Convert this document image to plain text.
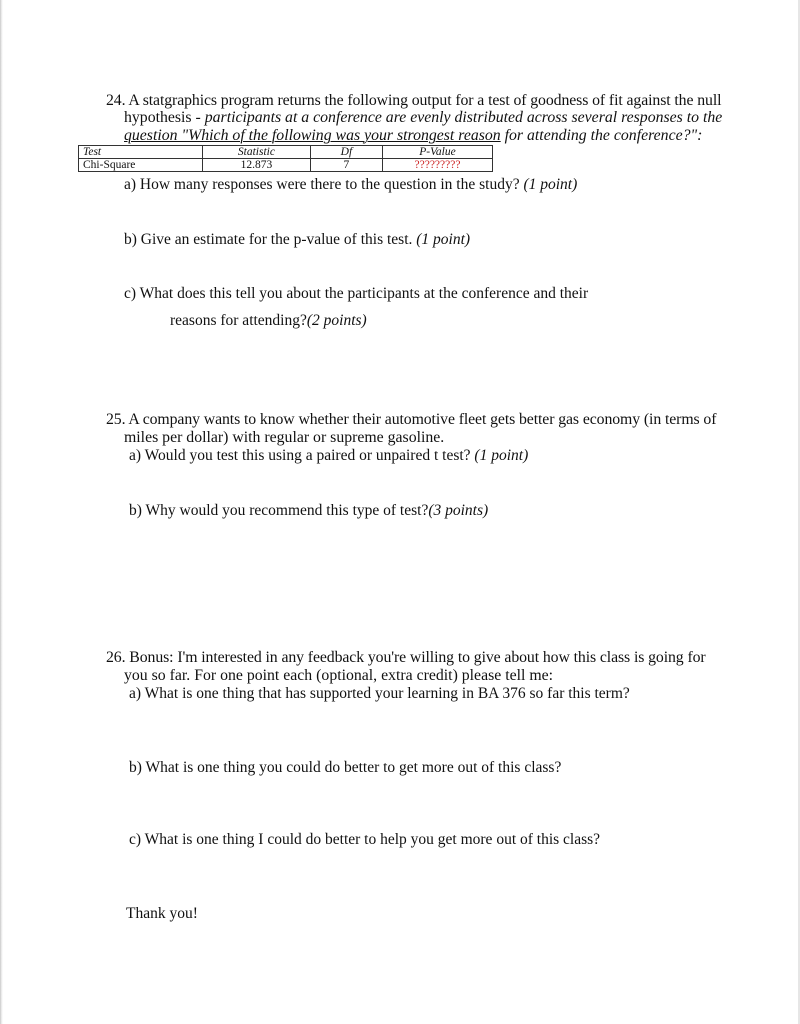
24. A statgraphics program returns the following output for a test of goodness of fit against the null
hypothesis - participants at a conference are evenly distributed across several responses to the
question "Which of the following was your strongest reason for attending the conference?":
Test	Statistic	Df	P-Value
Chi-Square	12.873	7	?????????
a) How many responses were there to the question in the study? (1 point)
b) Give an estimate for the p-value of this test. (1 point)
c) What does this tell you about the participants at the conference and their
reasons for attending?(2 points)
25. A company wants to know whether their automotive fleet gets better gas economy (in terms of
miles per dollar) with regular or supreme gasoline.
a) Would you test this using a paired or unpaired t test? (1 point)
b) Why would you recommend this type of test?(3 points)
26. Bonus: I'm interested in any feedback you're willing to give about how this class is going for
you so far. For one point each (optional, extra credit) please tell me:
a) What is one thing that has supported your learning in BA 376 so far this term?
b) What is one thing you could do better to get more out of this class?
c) What is one thing I could do better to help you get more out of this class?
Thank you!
